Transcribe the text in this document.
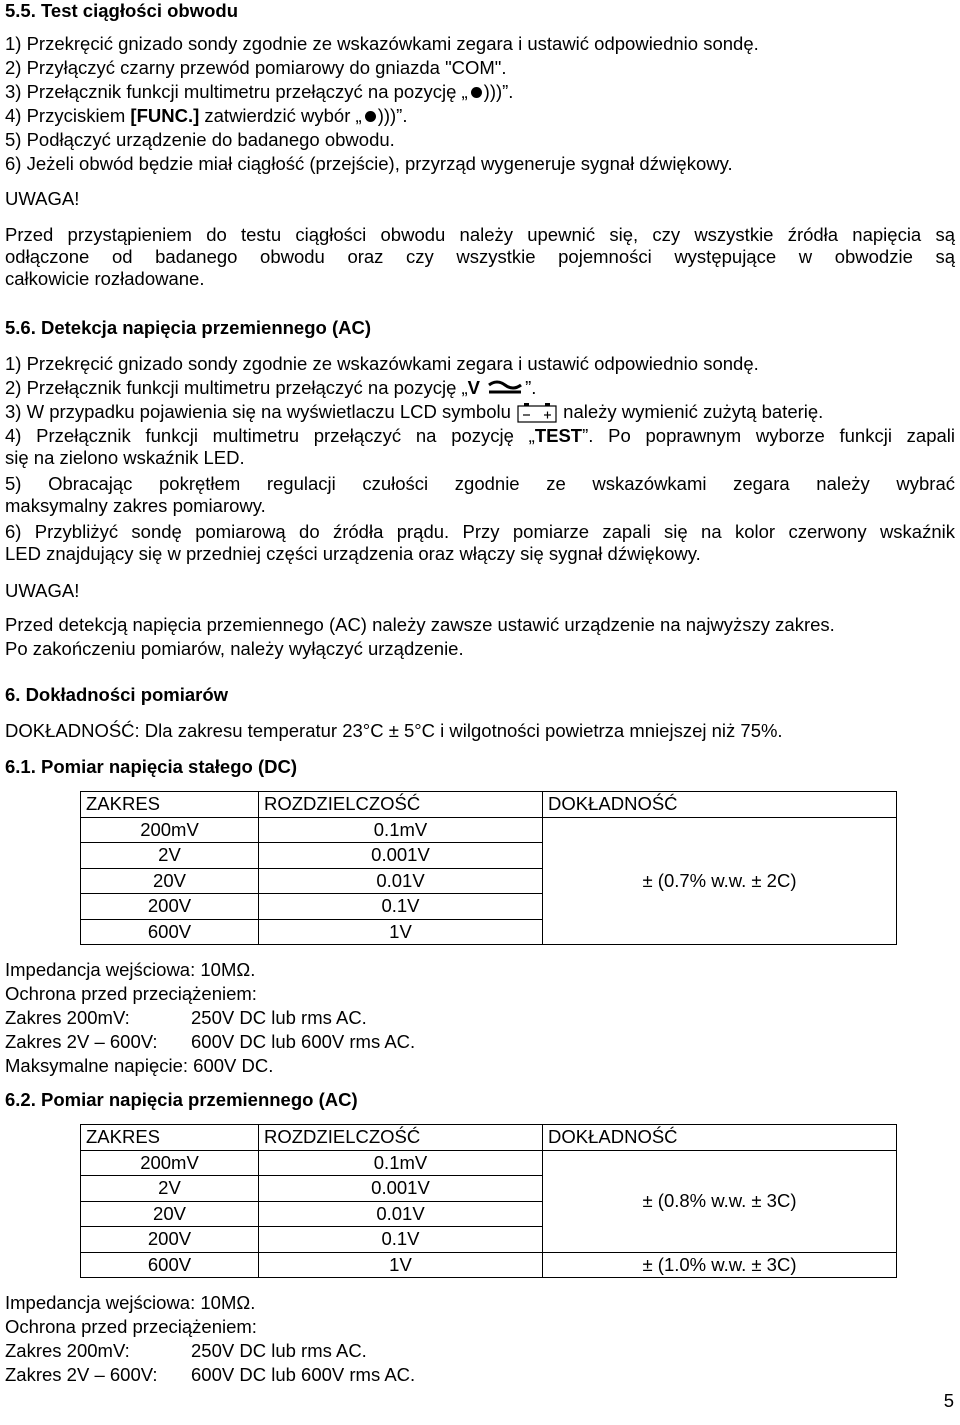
5.5. Test ciągłości obwodu
1) Przekręcić gnizado sondy zgodnie ze wskazówkami zegara i ustawić odpowiednio sondę.
2) Przyłączyć czarny przewód pomiarowy do gniazda "COM".
3) Przełącznik funkcji multimetru przełączyć na pozycję „ )))”.
4) Przyciskiem [FUNC.] zatwierdzić wybór „ )))”.
5) Podłączyć urządzenie do badanego obwodu.
6) Jeżeli obwód będzie miał ciągłość (przejście), przyrząd wygeneruje sygnał dźwiękowy.
UWAGA!
Przed przystąpieniem do testu ciągłości obwodu należy upewnić się, czy wszystkie źródła napięcia są
odłączone od badanego obwodu oraz czy wszystkie pojemności występujące w obwodzie są
całkowicie rozładowane.
5.6. Detekcja napięcia przemiennego (AC)
1) Przekręcić gnizado sondy zgodnie ze wskazówkami zegara i ustawić odpowiednio sondę.
2) Przełącznik funkcji multimetru przełączyć na pozycję „V ”.
3) W przypadku pojawienia się na wyświetlaczu LCD symbolu  należy wymienić zużytą baterię.
4) Przełącznik funkcji multimetru przełączyć na pozycję „TEST”. Po poprawnym wyborze funkcji zapali
się na zielono wskaźnik LED.
5) Obracając pokrętłem regulacji czułości zgodnie ze wskazówkami zegara należy wybrać
maksymalny zakres pomiarowy.
6) Przybliżyć sondę pomiarową do źródła prądu. Przy pomiarze zapali się na kolor czerwony wskaźnik
LED znajdujący się w przedniej części urządzenia oraz włączy się sygnał dźwiękowy.
UWAGA!
Przed detekcją napięcia przemiennego (AC) należy zawsze ustawić urządzenie na najwyższy zakres.
Po zakończeniu pomiarów, należy wyłączyć urządzenie.
6. Dokładności pomiarów
DOKŁADNOŚĆ: Dla zakresu temperatur 23°C ± 5°C i wilgotności powietrza mniejszej niż 75%.
6.1. Pomiar napięcia stałego (DC)
ZAKRES	ROZDZIELCZOŚĆ	DOKŁADNOŚĆ
200mV	0.1mV	± (0.7% w.w. ± 2C)
2V	0.001V	
20V	0.01V	
200V	0.1V	
600V	1V	
Impedancja wejściowa: 10MΩ.
Ochrona przed przeciążeniem:
Zakres 200mV:	250V DC lub rms AC.
Zakres 2V – 600V: 600V DC lub 600V rms AC.
Maksymalne napięcie: 600V DC.
6.2. Pomiar napięcia przemiennego (AC)
ZAKRES	ROZDZIELCZOŚĆ	DOKŁADNOŚĆ
200mV	0.1mV	± (0.8% w.w. ± 3C)
2V	0.001V	
20V	0.01V	
200V	0.1V	
600V	1V	± (1.0% w.w. ± 3C)
Impedancja wejściowa: 10MΩ.
Ochrona przed przeciążeniem:
Zakres 200mV:	250V DC lub rms AC.
Zakres 2V – 600V: 600V DC lub 600V rms AC.
5
